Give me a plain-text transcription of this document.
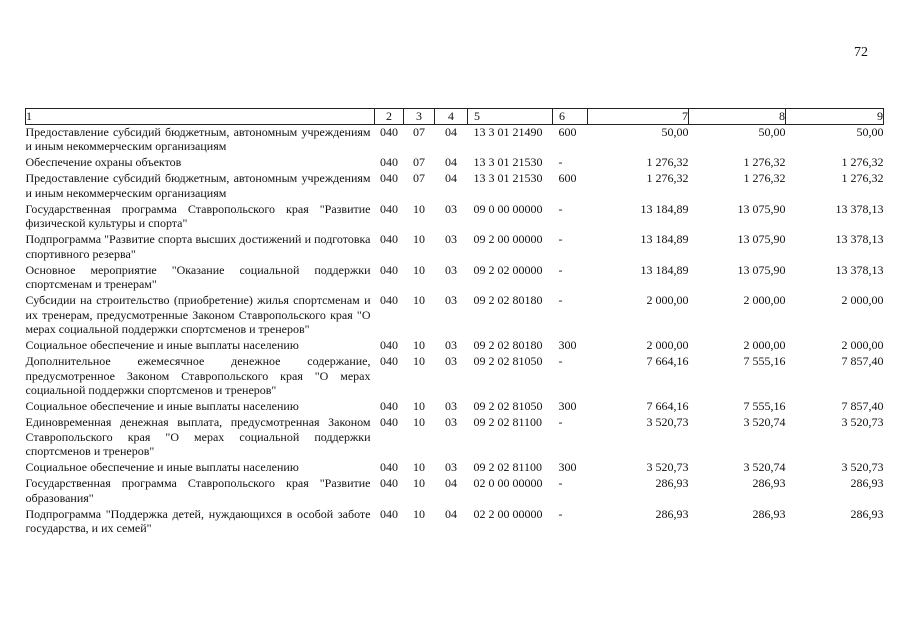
72
1	2	3	4	5	6	7	8	9
Предоставление субсидий бюджетным, автономным учреждениям и иным некоммерческим организациям	040	07	04	13 3 01 21490	600	50,00	50,00	50,00
Обеспечение охраны объектов	040	07	04	13 3 01 21530	-	1 276,32	1 276,32	1 276,32
Предоставление субсидий бюджетным, автономным учреждениям и иным некоммерческим организациям	040	07	04	13 3 01 21530	600	1 276,32	1 276,32	1 276,32
Государственная программа Ставропольского края "Развитие физической культуры и спорта"	040	10	03	09 0 00 00000	-	13 184,89	13 075,90	13 378,13
Подпрограмма "Развитие спорта высших достижений и подготовка спортивного резерва"	040	10	03	09 2 00 00000	-	13 184,89	13 075,90	13 378,13
Основное мероприятие "Оказание социальной поддержки спортсменам и тренерам"	040	10	03	09 2 02 00000	-	13 184,89	13 075,90	13 378,13
Субсидии на строительство (приобретение) жилья спортсменам и их тренерам, предусмотренные Законом Ставропольского края "О мерах социальной поддержки спортсменов и тренеров"	040	10	03	09 2 02 80180	-	2 000,00	2 000,00	2 000,00
Социальное обеспечение и иные выплаты населению	040	10	03	09 2 02 80180	300	2 000,00	2 000,00	2 000,00
Дополнительное ежемесячное денежное содержание, предусмотренное Законом Ставропольского края "О мерах социальной поддержки спортсменов и тренеров"	040	10	03	09 2 02 81050	-	7 664,16	7 555,16	7 857,40
Социальное обеспечение и иные выплаты населению	040	10	03	09 2 02 81050	300	7 664,16	7 555,16	7 857,40
Единовременная денежная выплата, предусмотренная Законом Ставропольского края "О мерах социальной поддержки спортсменов и тренеров"	040	10	03	09 2 02 81100	-	3 520,73	3 520,74	3 520,73
Социальное обеспечение и иные выплаты населению	040	10	03	09 2 02 81100	300	3 520,73	3 520,74	3 520,73
Государственная программа Ставропольского края "Развитие образования"	040	10	04	02 0 00 00000	-	286,93	286,93	286,93
Подпрограмма "Поддержка детей, нуждающихся в особой заботе государства, и их семей"	040	10	04	02 2 00 00000	-	286,93	286,93	286,93
